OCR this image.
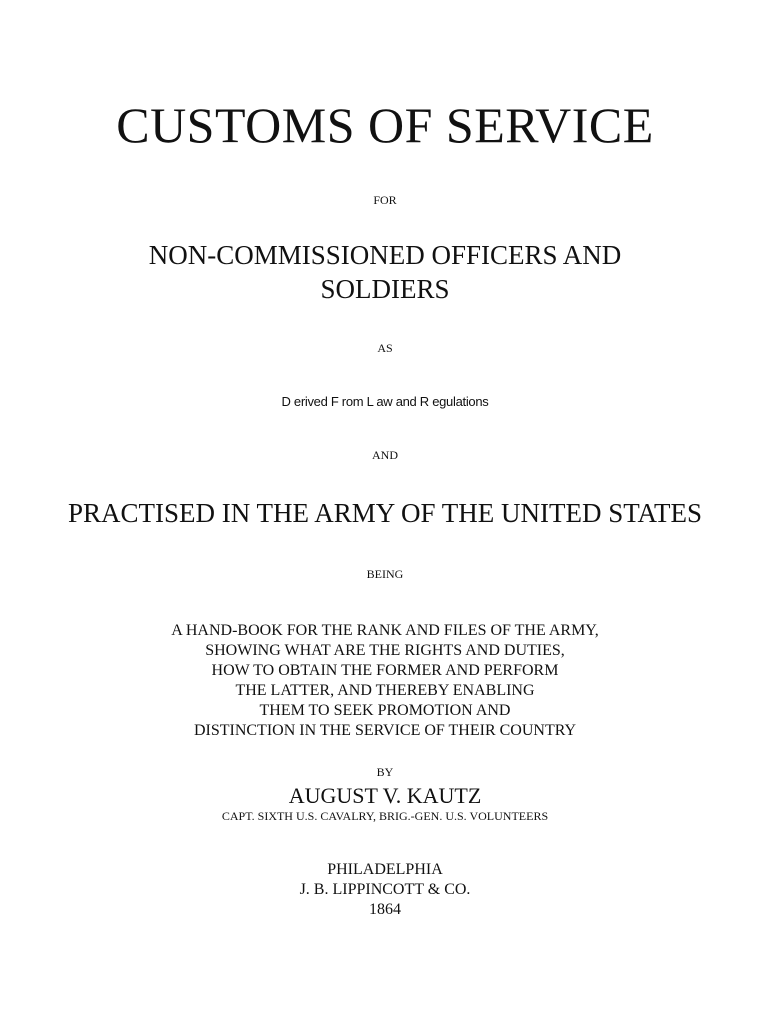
CUSTOMS OF SERVICE
FOR
NON-COMMISSIONED OFFICERS AND
SOLDIERS
AS
D erived F rom L aw and R egulations
AND
PRACTISED IN THE ARMY OF THE UNITED STATES
BEING
A HAND-BOOK FOR THE RANK AND FILES OF THE ARMY,
SHOWING WHAT ARE THE RIGHTS AND DUTIES,
HOW TO OBTAIN THE FORMER AND PERFORM
THE LATTER, AND THEREBY ENABLING
THEM TO SEEK PROMOTION AND
DISTINCTION IN THE SERVICE OF THEIR COUNTRY
BY
AUGUST V. KAUTZ
CAPT. SIXTH U.S. CAVALRY, BRIG.-GEN. U.S. VOLUNTEERS
PHILADELPHIA
J. B. LIPPINCOTT & CO.
1864
